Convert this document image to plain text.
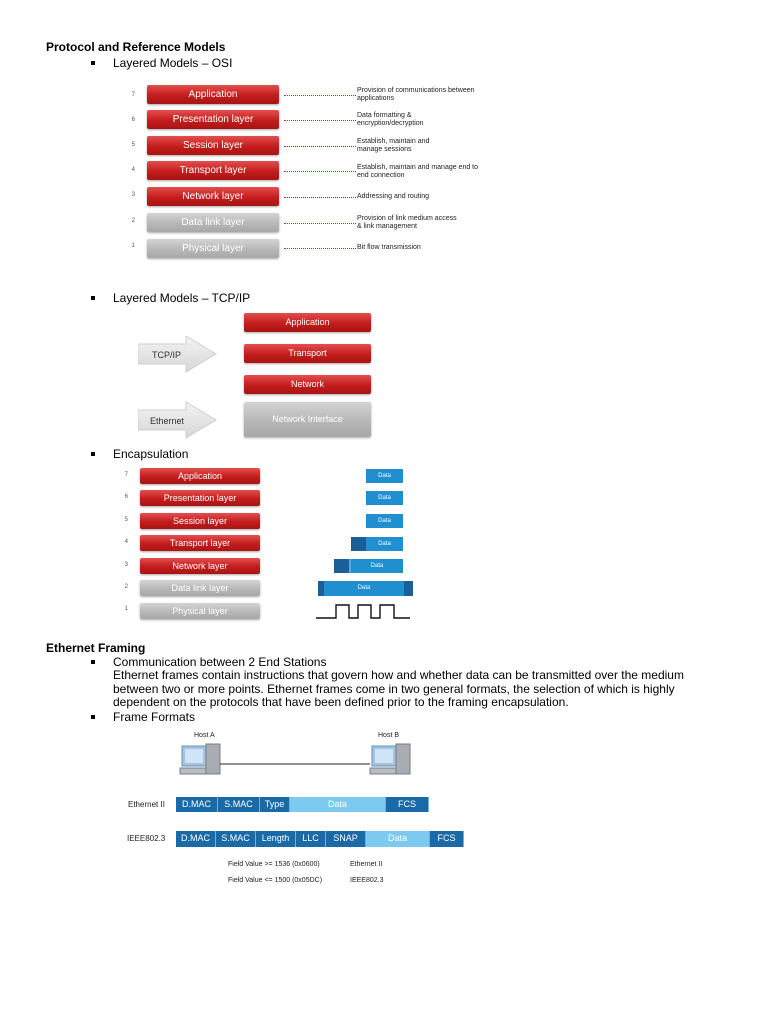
Protocol and Reference Models
Layered Models – OSI
7	Application	Provision of communications between applications
6	Presentation layer	Data formatting & encryption/decryption
5	Session layer	Establish, maintain and manage sessions
4	Transport layer	Establish, maintain and manage end to end connection
3	Network layer	Addressing and routing
2	Data link layer	Provision of link medium access & link management
1	Physical layer	Bit flow transmission
Layered Models – TCP/IP
TCP/IP
Ethernet
Application
Transport
Network
Network Interface
Encapsulation
7	Application
6	Presentation layer
5	Session layer
4	Transport layer
3	Network layer
2	Data link layer
1	Physical layer
Data
Data
Data
Data
Data
Data
Ethernet Framing
Communication between 2 End Stations
Ethernet frames contain instructions that govern how and whether data can be transmitted over the medium between two or more points. Ethernet frames come in two general formats, the selection of which is highly dependent on the protocols that have been defined prior to the framing encapsulation.
Frame Formats
Host A	Host B
Ethernet II	D.MAC	S.MAC	Type	Data	FCS
IEEE802.3	D.MAC	S.MAC	Length	LLC	SNAP	Data	FCS
Field Value >= 1536 (0x0600)	Ethernet II
Field Value <= 1500 (0x05DC)	IEEE802.3
